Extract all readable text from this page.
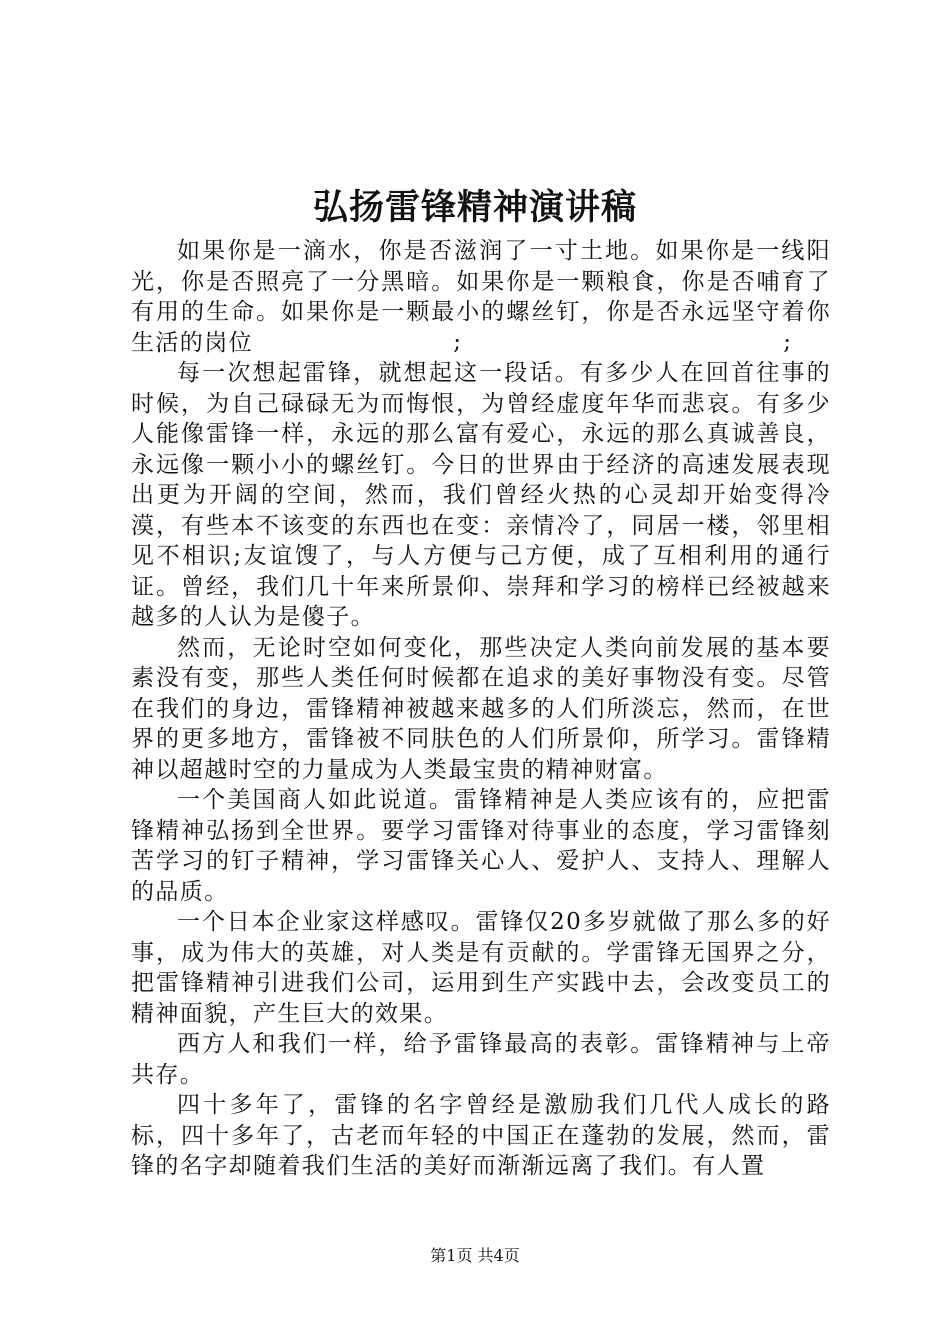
弘扬雷锋精神演讲稿

如果你是一滴水，你是否滋润了一寸土地。如果你是一线阳光，你是否照亮了一分黑暗。如果你是一颗粮食，你是否哺育了有用的生命。如果你是一颗最小的螺丝钉，你是否永远坚守着你生活的岗位	;	;

每一次想起雷锋，就想起这一段话。有多少人在回首往事的时候，为自己碌碌无为而悔恨，为曾经虚度年华而悲哀。有多少人能像雷锋一样，永远的那么富有爱心，永远的那么真诚善良，永远像一颗小小的螺丝钉。今日的世界由于经济的高速发展表现出更为开阔的空间，然而，我们曾经火热的心灵却开始变得冷漠，有些本不该变的东西也在变：亲情冷了，同居一楼，邻里相见不相识;友谊馊了，与人方便与己方便，成了互相利用的通行证。曾经，我们几十年来所景仰、崇拜和学习的榜样已经被越来越多的人认为是傻子。

然而，无论时空如何变化，那些决定人类向前发展的基本要素没有变，那些人类任何时候都在追求的美好事物没有变。尽管在我们的身边，雷锋精神被越来越多的人们所淡忘，然而，在世界的更多地方，雷锋被不同肤色的人们所景仰，所学习。雷锋精神以超越时空的力量成为人类最宝贵的精神财富。

一个美国商人如此说道。雷锋精神是人类应该有的，应把雷锋精神弘扬到全世界。要学习雷锋对待事业的态度，学习雷锋刻苦学习的钉子精神，学习雷锋关心人、爱护人、支持人、理解人的品质。

一个日本企业家这样感叹。雷锋仅20多岁就做了那么多的好事，成为伟大的英雄，对人类是有贡献的。学雷锋无国界之分，把雷锋精神引进我们公司，运用到生产实践中去，会改变员工的精神面貌，产生巨大的效果。

西方人和我们一样，给予雷锋最高的表彰。雷锋精神与上帝共存。

四十多年了，雷锋的名字曾经是激励我们几代人成长的路标，四十多年了，古老而年轻的中国正在蓬勃的发展，然而，雷锋的名字却随着我们生活的美好而渐渐远离了我们。有人置

第1页 共4页
